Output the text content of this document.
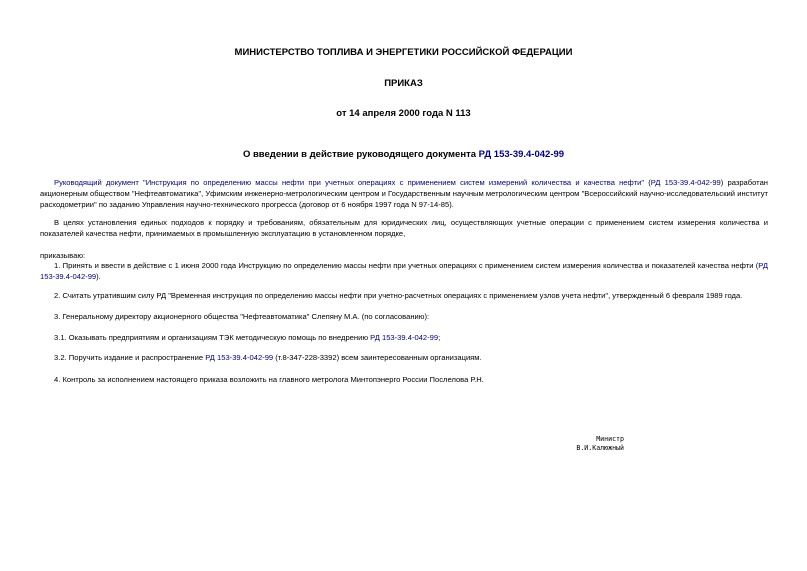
МИНИСТЕРСТВО ТОПЛИВА И ЭНЕРГЕТИКИ РОССИЙСКОЙ ФЕДЕРАЦИИ
ПРИКАЗ
от 14 апреля 2000 года N 113
О введении в действие руководящего документа РД 153-39.4-042-99

Руководящий документ "Инструкция по определению массы нефти при учетных операциях с применением систем измерений количества и качества нефти" (РД 153-39.4-042-99) разработан акционерным обществом "Нефтеавтоматика", Уфимским инженерно-метрологическим центром и Государственным научным метрологическим центром "Всероссийский научно-исследовательский институт расходометрии" по заданию Управления научно-технического прогресса (договор от 6 ноября 1997 года N 97-14-85).

В целях установления единых подходов к порядку и требованиям, обязательным для юридических лиц, осуществляющих учетные операции с применением систем измерения количества и показателей качества нефти, принимаемых в промышленную эксплуатацию в установленном порядке,

приказываю:

1. Принять и ввести в действие с 1 июня 2000 года Инструкцию по определению массы нефти при учетных операциях с применением систем измерения количества и показателей качества нефти (РД 153-39.4-042-99).

2. Считать утратившим силу РД "Временная инструкция по определению массы нефти при учетно-расчетных операциях с применением узлов учета нефти", утвержденный 6 февраля 1989 года.

3. Генеральному директору акционерного общества "Нефтеавтоматика" Слепяну М.А. (по согласованию):

3.1. Оказывать предприятиям и организациям ТЭК методическую помощь по внедрению РД 153-39.4-042-99;

3.2. Поручить издание и распространение РД 153-39.4-042-99 (т.8-347-228-3392) всем заинтересованным организациям.

4. Контроль за исполнением настоящего приказа возложить на главного метролога Минтопэнерго России Послелова Р.Н.

Министр
В.И.Калюжный
